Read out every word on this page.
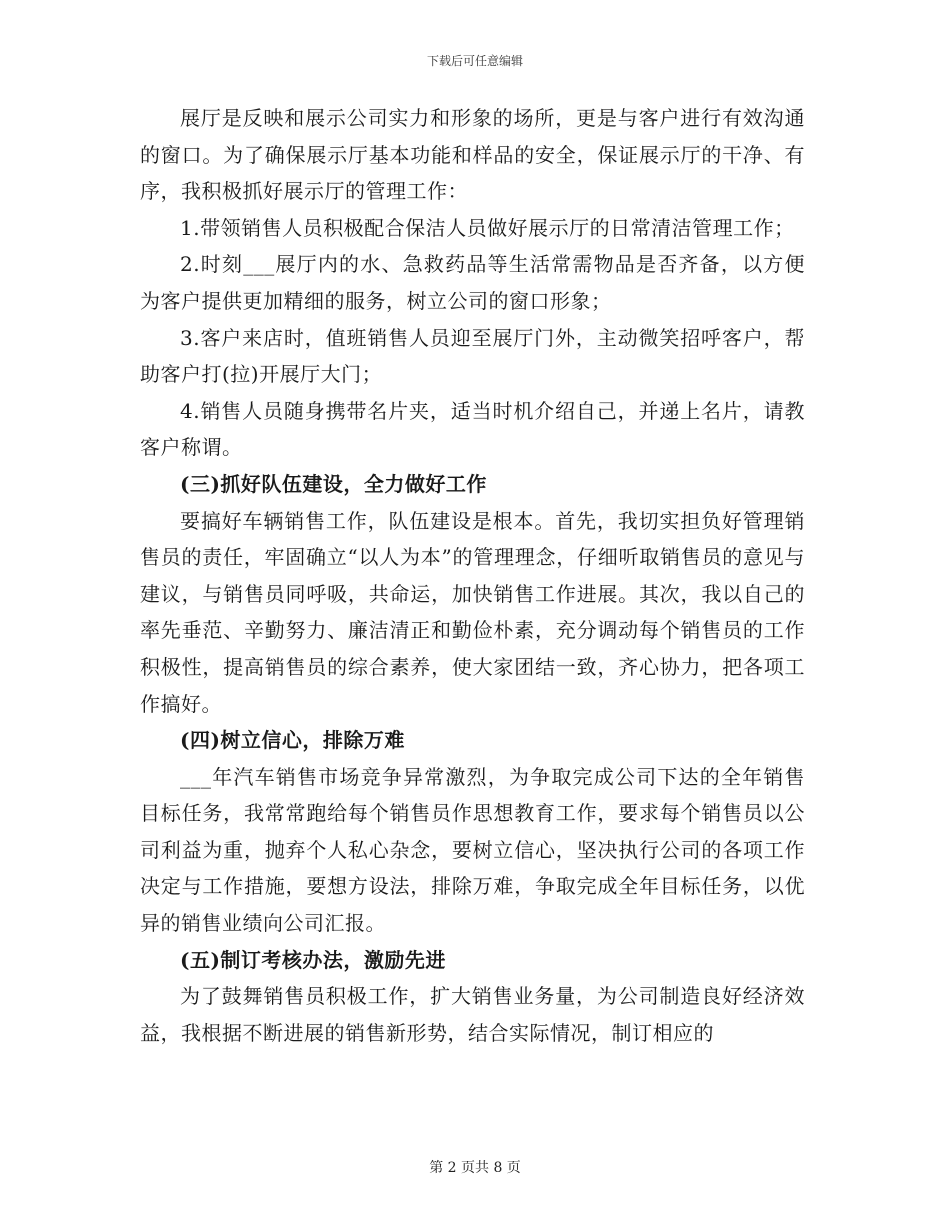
下载后可任意编辑

展厅是反映和展示公司实力和形象的场所，更是与客户进行有效沟通的窗口。为了确保展示厅基本功能和样品的安全，保证展示厅的干净、有序，我积极抓好展示厅的管理工作：

1.带领销售人员积极配合保洁人员做好展示厅的日常清洁管理工作；

2.时刻___展厅内的水、急救药品等生活常需物品是否齐备，以方便为客户提供更加精细的服务，树立公司的窗口形象；

3.客户来店时，值班销售人员迎至展厅门外，主动微笑招呼客户，帮助客户打(拉)开展厅大门；

4.销售人员随身携带名片夹，适当时机介绍自己，并递上名片，请教客户称谓。

(三)抓好队伍建设，全力做好工作

要搞好车辆销售工作，队伍建设是根本。首先，我切实担负好管理销售员的责任，牢固确立“以人为本”的管理理念，仔细听取销售员的意见与建议，与销售员同呼吸，共命运，加快销售工作进展。其次，我以自己的率先垂范、辛勤努力、廉洁清正和勤俭朴素，充分调动每个销售员的工作积极性，提高销售员的综合素养，使大家团结一致，齐心协力，把各项工作搞好。

(四)树立信心，排除万难

___年汽车销售市场竞争异常激烈，为争取完成公司下达的全年销售目标任务，我常常跑给每个销售员作思想教育工作，要求每个销售员以公司利益为重，抛弃个人私心杂念，要树立信心，坚决执行公司的各项工作决定与工作措施，要想方设法，排除万难，争取完成全年目标任务，以优异的销售业绩向公司汇报。

(五)制订考核办法，激励先进

为了鼓舞销售员积极工作，扩大销售业务量，为公司制造良好经济效益，我根据不断进展的销售新形势，结合实际情况，制订相应的

第 2 页共 8 页
